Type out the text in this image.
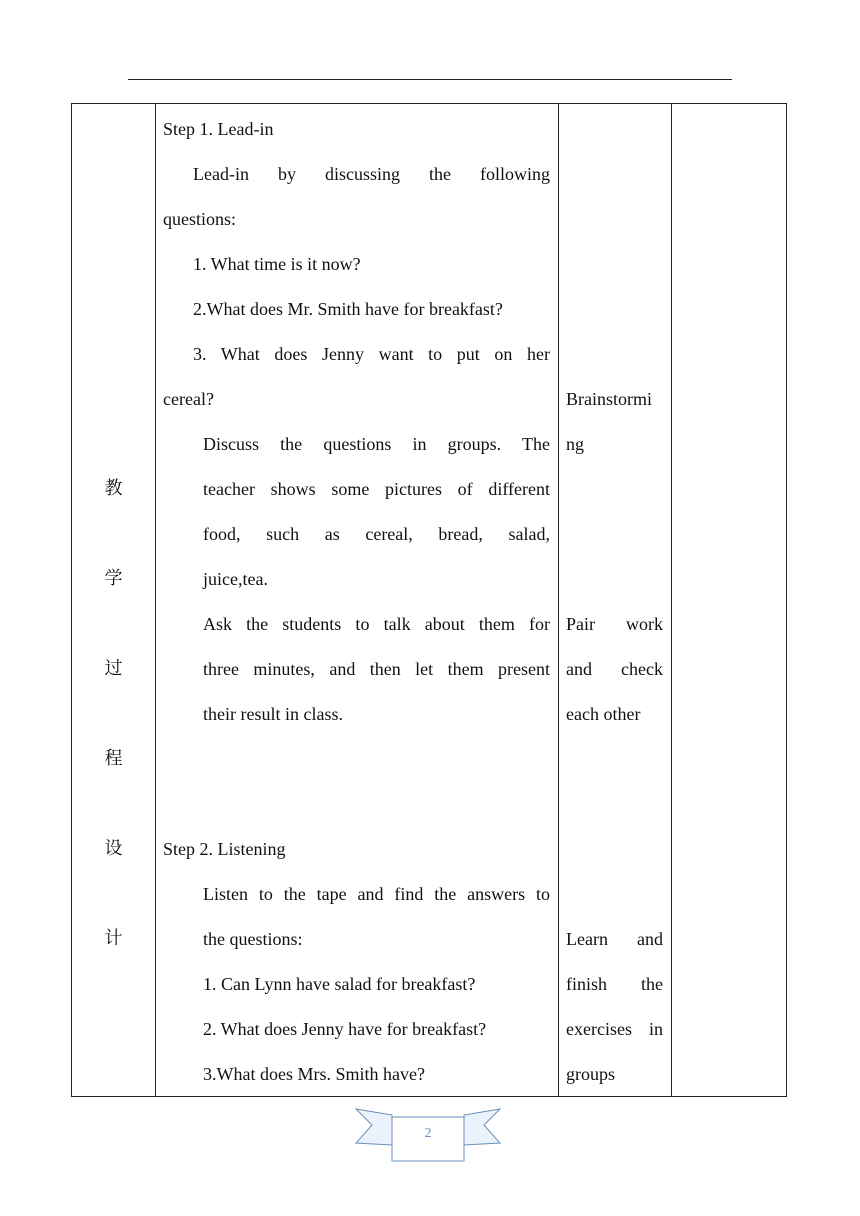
教
学
过
程
设
计
Step 1. Lead-in
Lead-in by discussing the following
questions:
1. What time is it now?
2.What does Mr. Smith have for breakfast?
3. What does Jenny want to put on her
cereal?
Discuss the questions in groups. The
teacher shows some pictures of different
food, such as cereal, bread, salad,
juice,tea.
Ask the students to talk about them for
three minutes, and then let them present
their result in class.
Step 2. Listening
Listen to the tape and find the answers to
the questions:
1. Can Lynn have salad for breakfast?
2. What does Jenny have for breakfast?
3.What does Mrs. Smith have?
Brainstormi
ng
Pair work
and check
each other
Learn and
finish the
exercises in
groups
2
